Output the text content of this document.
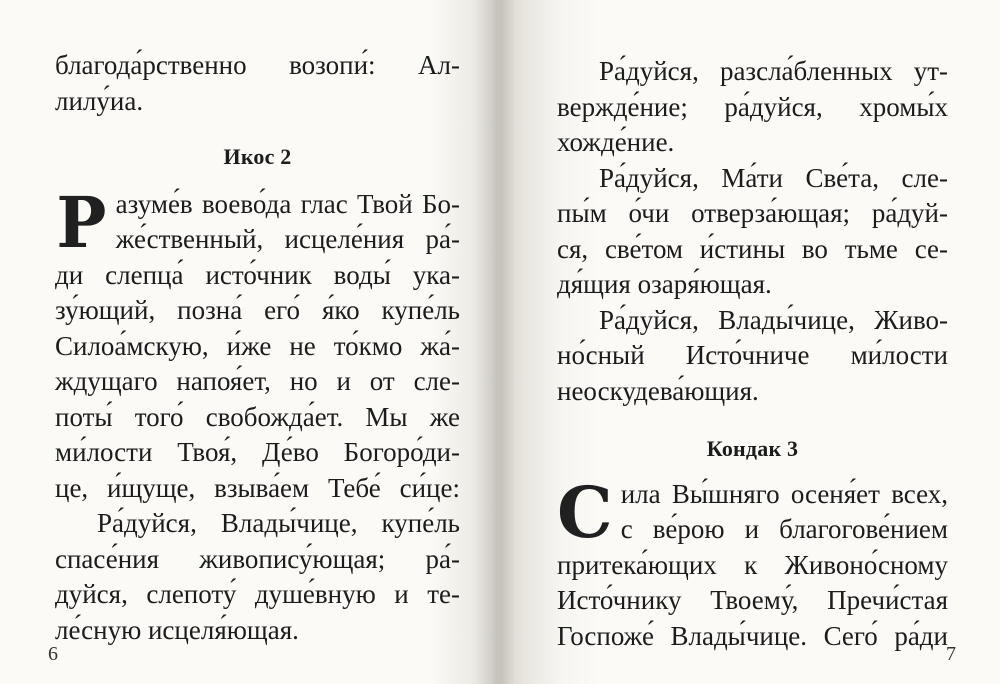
благода́рственно возопи́: Ал-
лилу́иа.
Икос 2
Р азуме́в воево́да глас Твой Бо-
же́ственный, исцеле́ния ра́-
ди слепца́ исто́чник воды́ ука-
зу́ющий, позна́ его́ я́ко купе́ль
Силоа́мскую, и́же не то́кмо жа́-
ждущаго напоя́ет, но и от сле-
поты́ того́ свобожда́ет. Мы же
ми́лости Твоя́, Де́во Богоро́ди-
це, и́щуще, взыва́ем Тебе́ си́це:
Ра́дуйся, Влады́чице, купе́ль
спасе́ния живопису́ющая; ра́-
дуйся, слепоту́ душе́вную и те-
ле́сную исцеля́ющая.
6
Ра́дуйся, разсла́бленных ут-
вержде́ние; ра́дуйся, хромы́х
хожде́ние.
Ра́дуйся, Ма́ти Све́та, сле-
пы́м о́чи отверза́ющая; ра́дуй-
ся, све́том и́стины во тьме се-
дя́щия озаря́ющая.
Ра́дуйся, Влады́чице, Живо-
но́сный Исто́чниче ми́лости
неоскудева́ющия.
Кондак 3
С ила Вы́шняго осеня́ет всех,
с ве́рою и благогове́нием
притека́ющих к Живоно́сному
Исто́чнику Твоему́, Пречи́стая
Госпоже́ Влады́чице. Сего́ ра́ди
7
